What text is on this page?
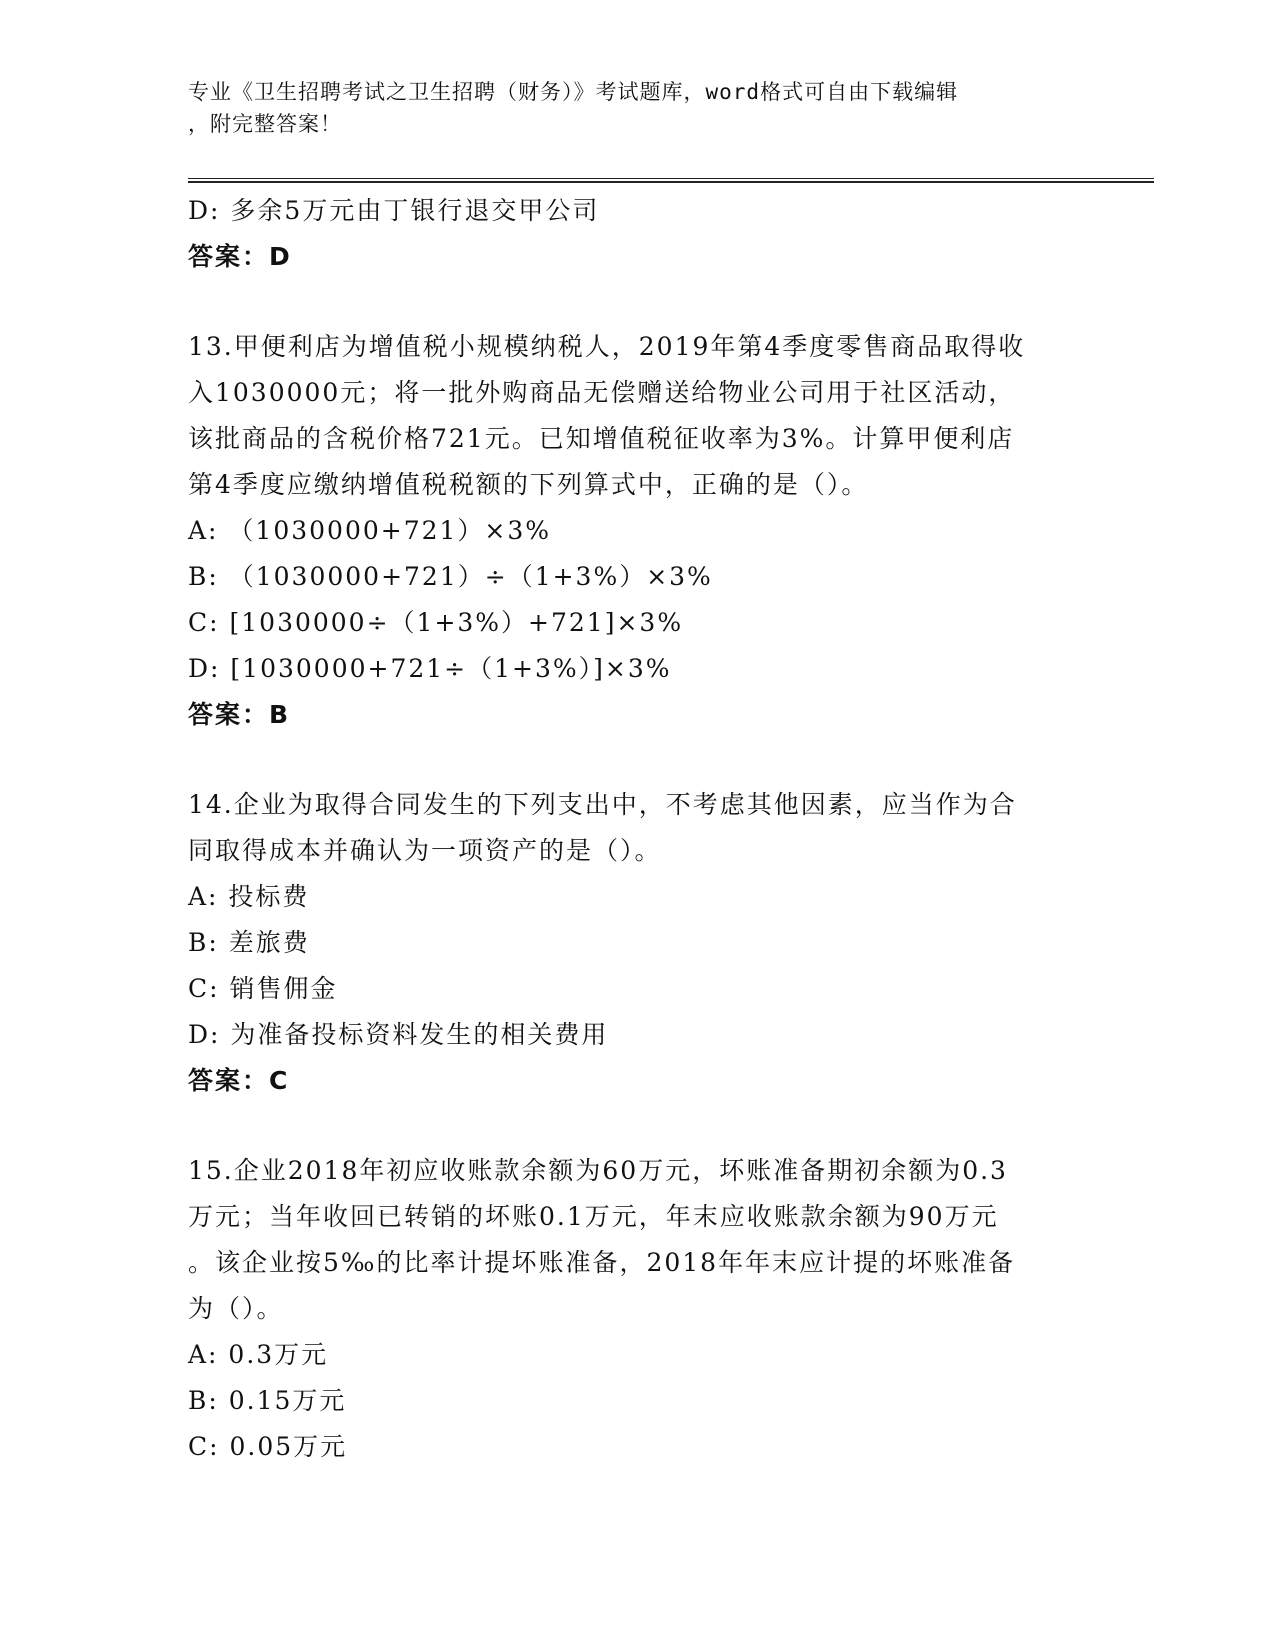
专业《卫生招聘考试之卫生招聘（财务）》考试题库，word格式可自由下载编辑
，附完整答案！
D: 多余5万元由丁银行退交甲公司
答案：D
13.甲便利店为增值税小规模纳税人，2019年第4季度零售商品取得收
入1030000元；将一批外购商品无偿赠送给物业公司用于社区活动，
该批商品的含税价格721元。已知增值税征收率为3%。计算甲便利店
第4季度应缴纳增值税税额的下列算式中，正确的是（）。
A: （1030000+721）×3%
B: （1030000+721）÷（1+3%）×3%
C: [1030000÷（1+3%）+721]×3%
D: [1030000+721÷（1+3%）]×3%
答案：B
14.企业为取得合同发生的下列支出中，不考虑其他因素，应当作为合
同取得成本并确认为一项资产的是（）。
A: 投标费
B: 差旅费
C: 销售佣金
D: 为准备投标资料发生的相关费用
答案：C
15.企业2018年初应收账款余额为60万元，坏账准备期初余额为0.3
万元；当年收回已转销的坏账0.1万元，年末应收账款余额为90万元
。该企业按5‰的比率计提坏账准备，2018年年末应计提的坏账准备
为（）。
A: 0.3万元
B: 0.15万元
C: 0.05万元
